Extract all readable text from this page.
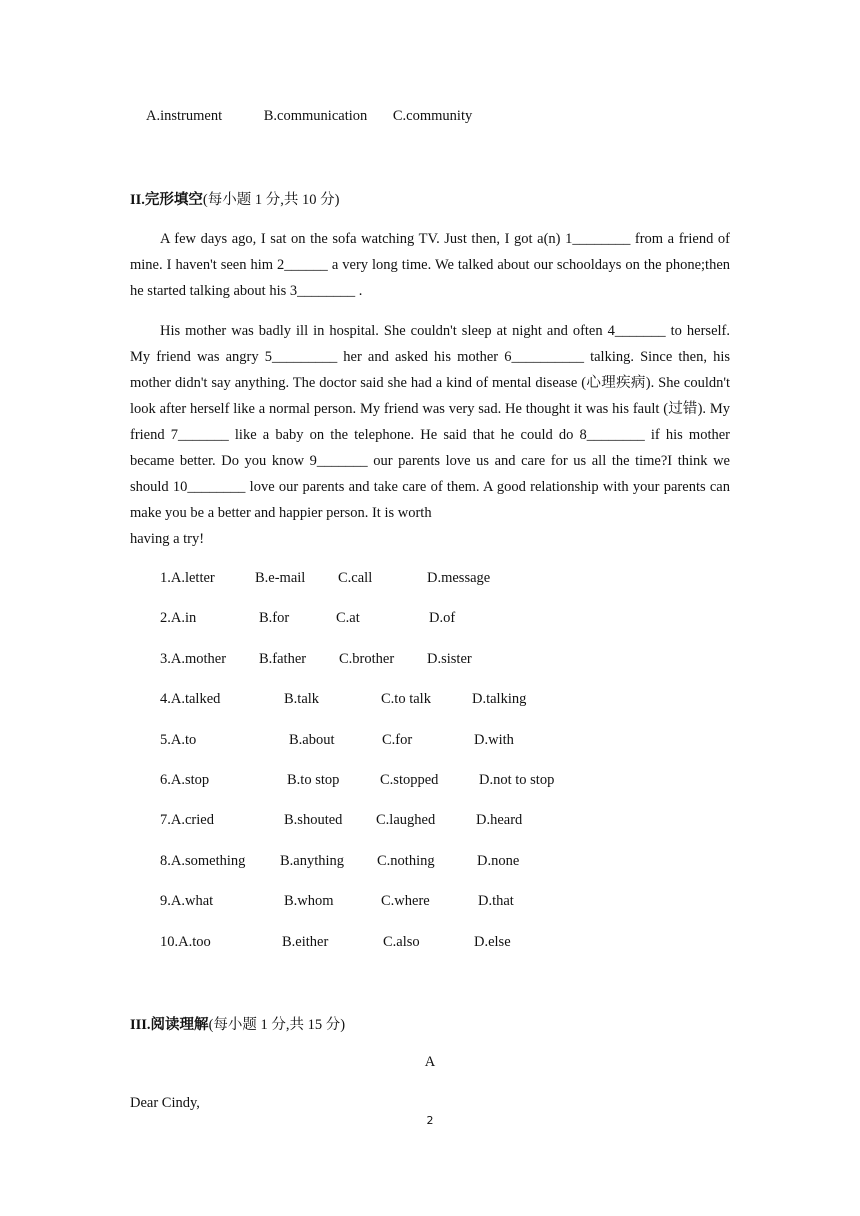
A.instrument	B.communication C.community
II.完形填空(每小题 1 分,共 10 分)
A few days ago, I sat on the sofa watching TV. Just then, I got a(n) 1________ from a friend of mine. I haven't seen him 2______ a very long time. We talked about our schooldays on the phone;then he started talking about his 3________ .
His mother was badly ill in hospital. She couldn't sleep at night and often 4_______ to herself. My friend was angry 5_________ her and asked his mother 6__________ talking. Since then, his mother didn't say anything. The doctor said she had a kind of mental disease (心理疾病). She couldn't look after herself like a normal person. My friend was very sad. He thought it was his fault (过错). My friend 7_______ like a baby on the telephone. He said that he could do 8________ if his mother became better. Do you know 9_______ our parents love us and care for us all the time?I think we should 10________ love our parents and take care of them. A good relationship with your parents can make you be a better and happier person. It is worth
having a try!
1.A.letter	B.e-mail C.call	D.message
2.A.in	B.for	C.at	D.of
3.A.mother B.father C.brother D.sister
4.A.talked	B.talk	C.to talk	D.talking
5.A.to	B.about	C.for	D.with
6.A.stop	B.to stop	C.stopped	D.not to stop
7.A.cried	B.shouted C.laughed	D.heard
8.A.something B.anything C.nothing	D.none
9.A.what	B.whom	C.where	D.that
10.A.too	B.either	C.also	D.else
III.阅读理解(每小题 1 分,共 15 分)
A
Dear Cindy,
2
